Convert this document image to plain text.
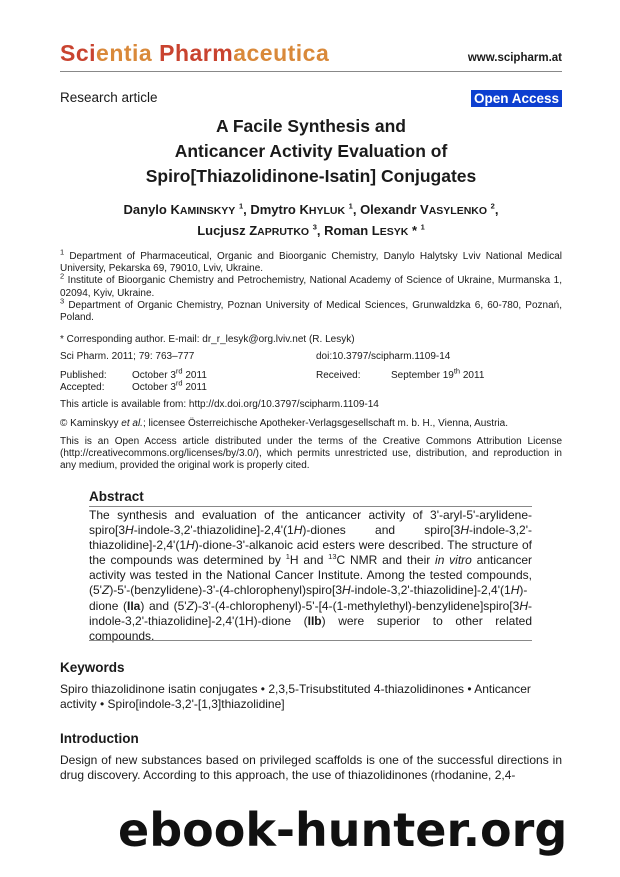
Scientia Pharmaceutica	www.scipharm.at
Research article	Open Access
A Facile Synthesis and
Anticancer Activity Evaluation of
Spiro[Thiazolidinone-Isatin] Conjugates
Danylo KAMINSKYY $^1$, Dmytro KHYLUK $^1$, Olexandr VASYLENKO $^2$,
Lucjusz ZAPRUTKO $^3$, Roman LESYK * $^1$

$^1$ Department of Pharmaceutical, Organic and Bioorganic Chemistry, Danylo Halytsky Lviv National Medical University, Pekarska 69, 79010, Lviv, Ukraine.

$^2$ Institute of Bioorganic Chemistry and Petrochemistry, National Academy of Science of Ukraine, Murmanska 1, 02094, Kyiv, Ukraine.

$^3$ Department of Organic Chemistry, Poznan University of Medical Sciences, Grunwaldzka 6, 60-780, Poznań, Poland.

* Corresponding author. E-mail: dr_r_lesyk@org.lviv.net (R. Lesyk)
Sci Pharm. 2011; 79: 763–777	doi:10.3797/scipharm.1109-14
Published:	October 3rd 2011
Accepted:	October 3rd 2011
Received:	September 19th 2011
This article is available from: http://dx.doi.org/10.3797/scipharm.1109-14
© Kaminskyy et al.; licensee Österreichische Apotheker-Verlagsgesellschaft m. b. H., Vienna, Austria.
This is an Open Access article distributed under the terms of the Creative Commons Attribution License (http://creativecommons.org/licenses/by/3.0/), which permits unrestricted use, distribution, and reproduction in any medium, provided the original work is properly cited.
Abstract
The synthesis and evaluation of the anticancer activity of 3'-aryl-5'-arylidene-spiro[3H-indole-3,2'-thiazolidine]-2,4'(1H)-diones and spiro[3H-indole-3,2'-thiazolidine]-2,4'(1H)-dione-3'-alkanoic acid esters were described. The structure of the compounds was determined by $^1$H and $^{13}$C NMR and their in vitro anticancer activity was tested in the National Cancer Institute. Among the tested compounds, (5'Z)-5'-(benzylidene)-3'-(4-chlorophenyl)spiro[3H-indole-3,2'-thiazolidine]-2,4'(1H)-dione (IIa) and (5'Z)-3'-(4-chlorophenyl)-5'-[4-(1-methylethyl)-benzylidene]spiro[3H-indole-3,2'-thiazolidine]-2,4'(1H)-dione (IIb) were superior to other related compounds.
Keywords
Spiro thiazolidinone isatin conjugates • 2,3,5-Trisubstituted 4-thiazolidinones • Anticancer activity • Spiro[indole-3,2'-[1,3]thiazolidine]
Introduction
Design of new substances based on privileged scaffolds is one of the successful directions in drug discovery. According to this approach, the use of thiazolidinones (rhodanine, 2,4-
ebook-hunter.org
